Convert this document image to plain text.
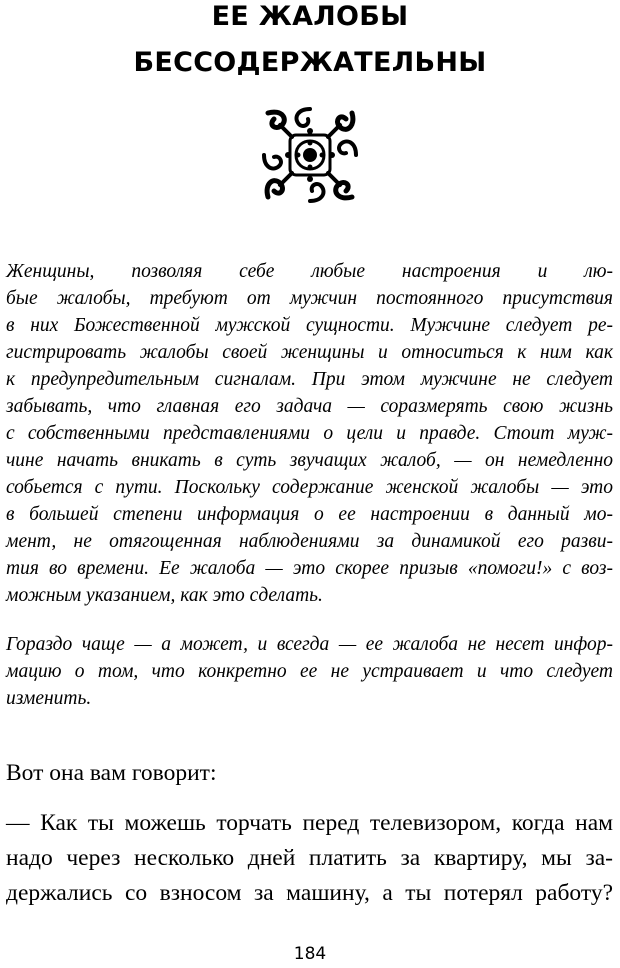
ЕЕ ЖАЛОБЫ
БЕССОДЕРЖАТЕЛЬНЫ

Женщины, позволяя себе любые настроения и лю-
бые жалобы, требуют от мужчин постоянного присутствия
в них Божественной мужской сущности. Мужчине следует ре-
гистрировать жалобы своей женщины и относиться к ним как
к предупредительным сигналам. При этом мужчине не следует
забывать, что главная его задача — соразмерять свою жизнь
с собственными представлениями о цели и правде. Стоит муж-
чине начать вникать в суть звучащих жалоб, — он немедленно
собьется с пути. Поскольку содержание женской жалобы — это
в большей степени информация о ее настроении в данный мо-
мент, не отягощенная наблюдениями за динамикой его разви-
тия во времени. Ее жалоба — это скорее призыв «помоги!» с воз-
можным указанием, как это сделать.

Гораздо чаще — а может, и всегда — ее жалоба не несет инфор-
мацию о том, что конкретно ее не устраивает и что следует
изменить.

Вот она вам говорит:

— Как ты можешь торчать перед телевизором, когда нам
надо через несколько дней платить за квартиру, мы за-
держались со взносом за машину, а ты потерял работу?

184
